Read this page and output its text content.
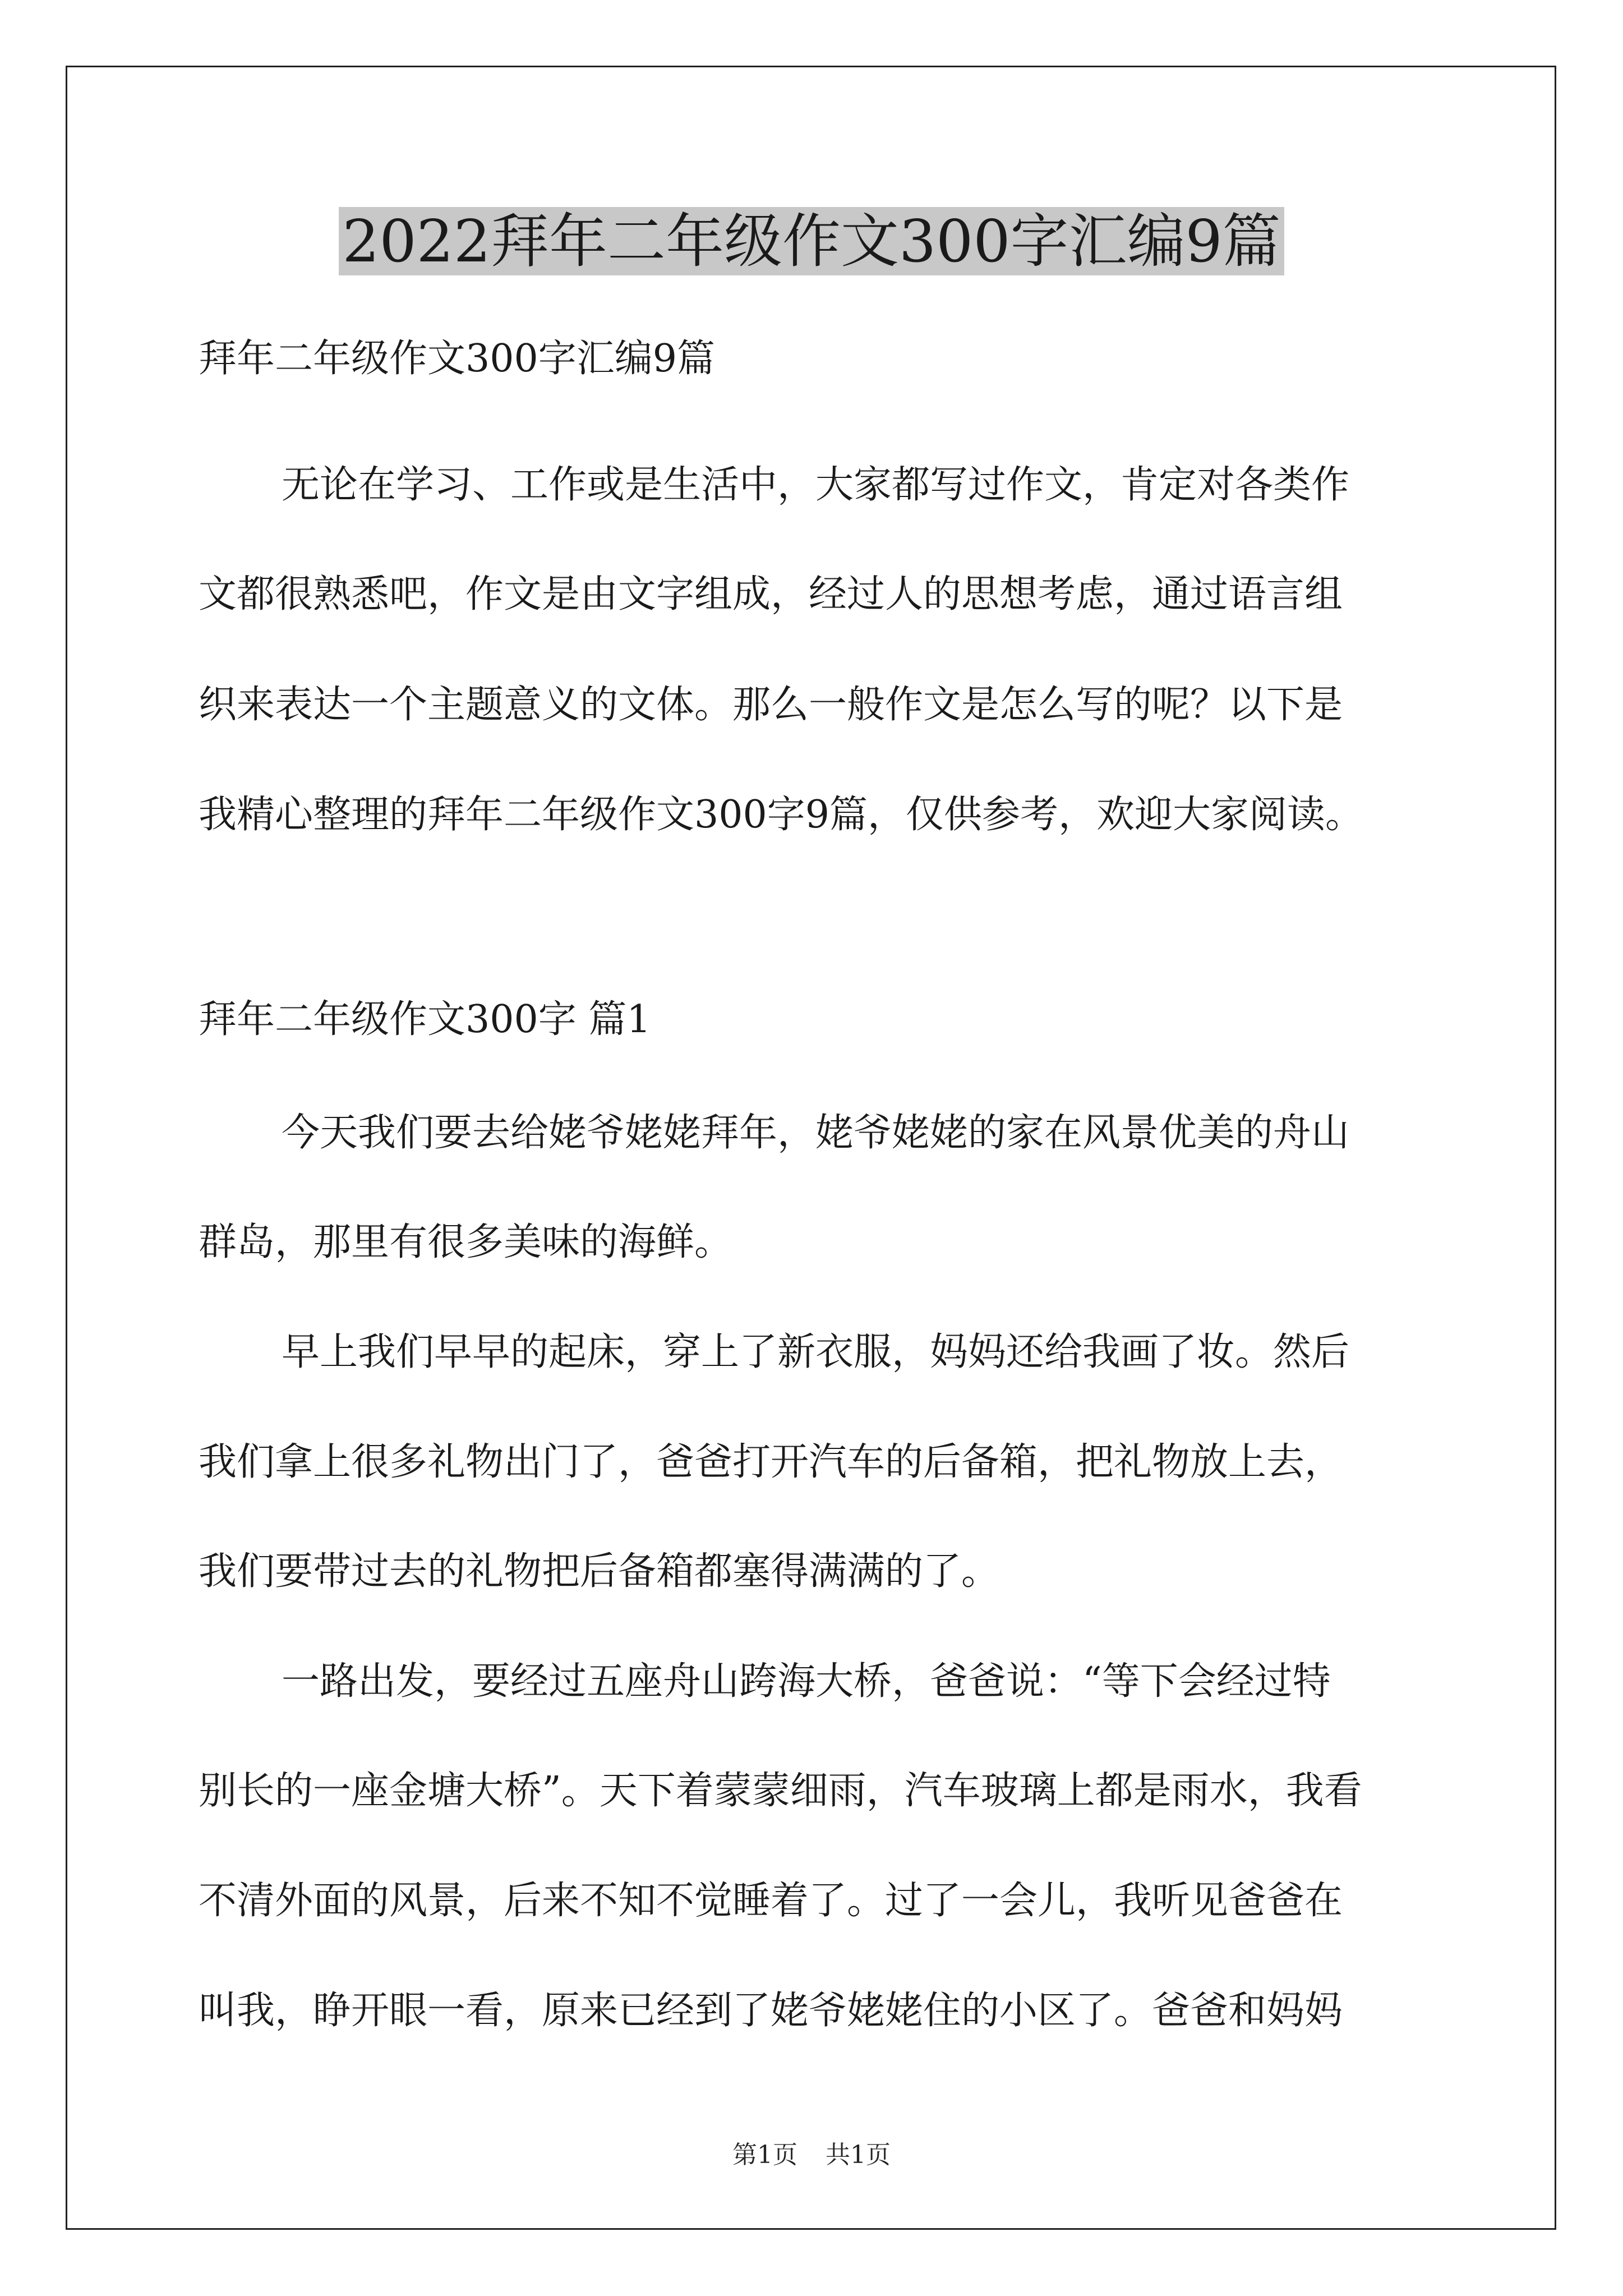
2022拜年二年级作文300字汇编9篇

拜年二年级作文300字汇编9篇

无论在学习、工作或是生活中，大家都写过作文，肯定对各类作

文都很熟悉吧，作文是由文字组成，经过人的思想考虑，通过语言组

织来表达一个主题意义的文体。那么一般作文是怎么写的呢？以下是

我精心整理的拜年二年级作文300字9篇，仅供参考，欢迎大家阅读。

拜年二年级作文300字 篇1

今天我们要去给姥爷姥姥拜年，姥爷姥姥的家在风景优美的舟山

群岛，那里有很多美味的海鲜。

早上我们早早的起床，穿上了新衣服，妈妈还给我画了妆。然后

我们拿上很多礼物出门了，爸爸打开汽车的后备箱，把礼物放上去，

我们要带过去的礼物把后备箱都塞得满满的了。

一路出发，要经过五座舟山跨海大桥，爸爸说：“等下会经过特

别长的一座金塘大桥”。天下着蒙蒙细雨，汽车玻璃上都是雨水，我看

不清外面的风景，后来不知不觉睡着了。过了一会儿，我听见爸爸在

叫我，睁开眼一看，原来已经到了姥爷姥姥住的小区了。爸爸和妈妈

第1页 共1页
